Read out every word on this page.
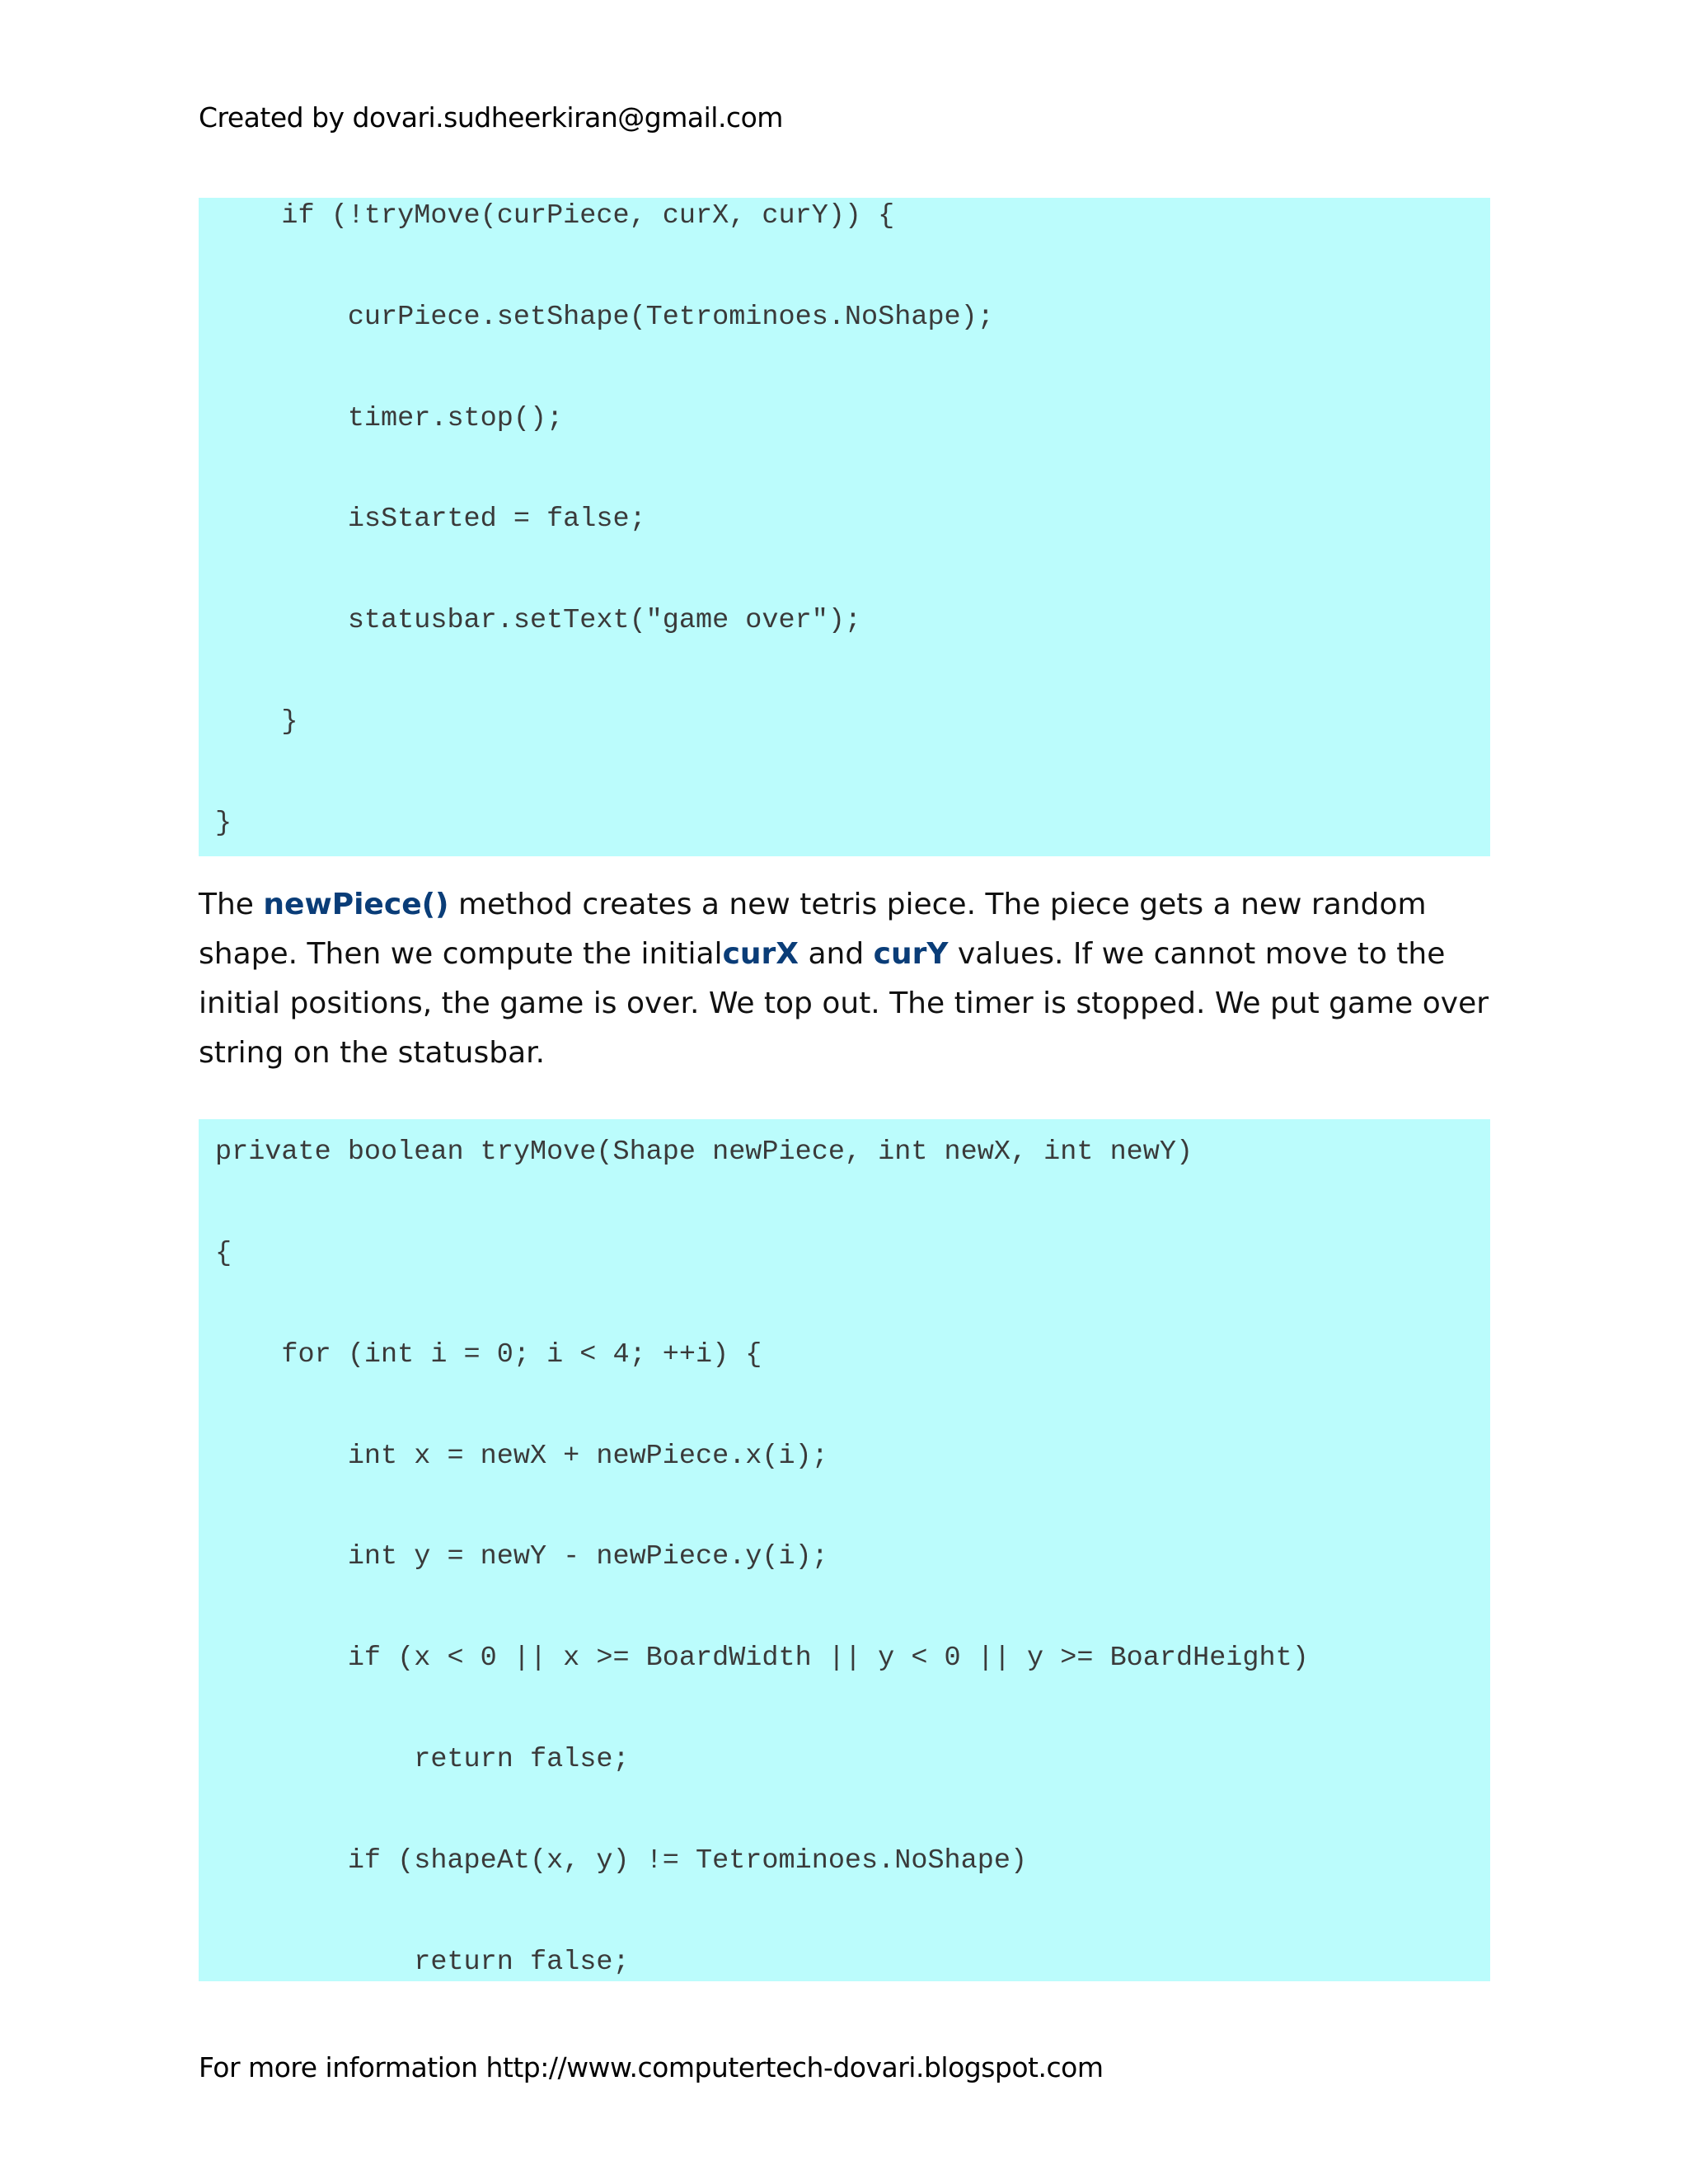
Created by dovari.sudheerkiran@gmail.com
if (!tryMove(curPiece, curX, curY)) {
curPiece.setShape(Tetrominoes.NoShape);
timer.stop();
isStarted = false;
statusbar.setText("game over");
}
}
The newPiece() method creates a new tetris piece. The piece gets a new random shape. Then we compute the initialcurX and curY values. If we cannot move to the initial positions, the game is over. We top out. The timer is stopped. We put game over string on the statusbar.
private boolean tryMove(Shape newPiece, int newX, int newY)
{
for (int i = 0; i < 4; ++i) {
int x = newX + newPiece.x(i);
int y = newY - newPiece.y(i);
if (x < 0 || x >= BoardWidth || y < 0 || y >= BoardHeight)
return false;
if (shapeAt(x, y) != Tetrominoes.NoShape)
return false;
For more information http://www.computertech-dovari.blogspot.com
